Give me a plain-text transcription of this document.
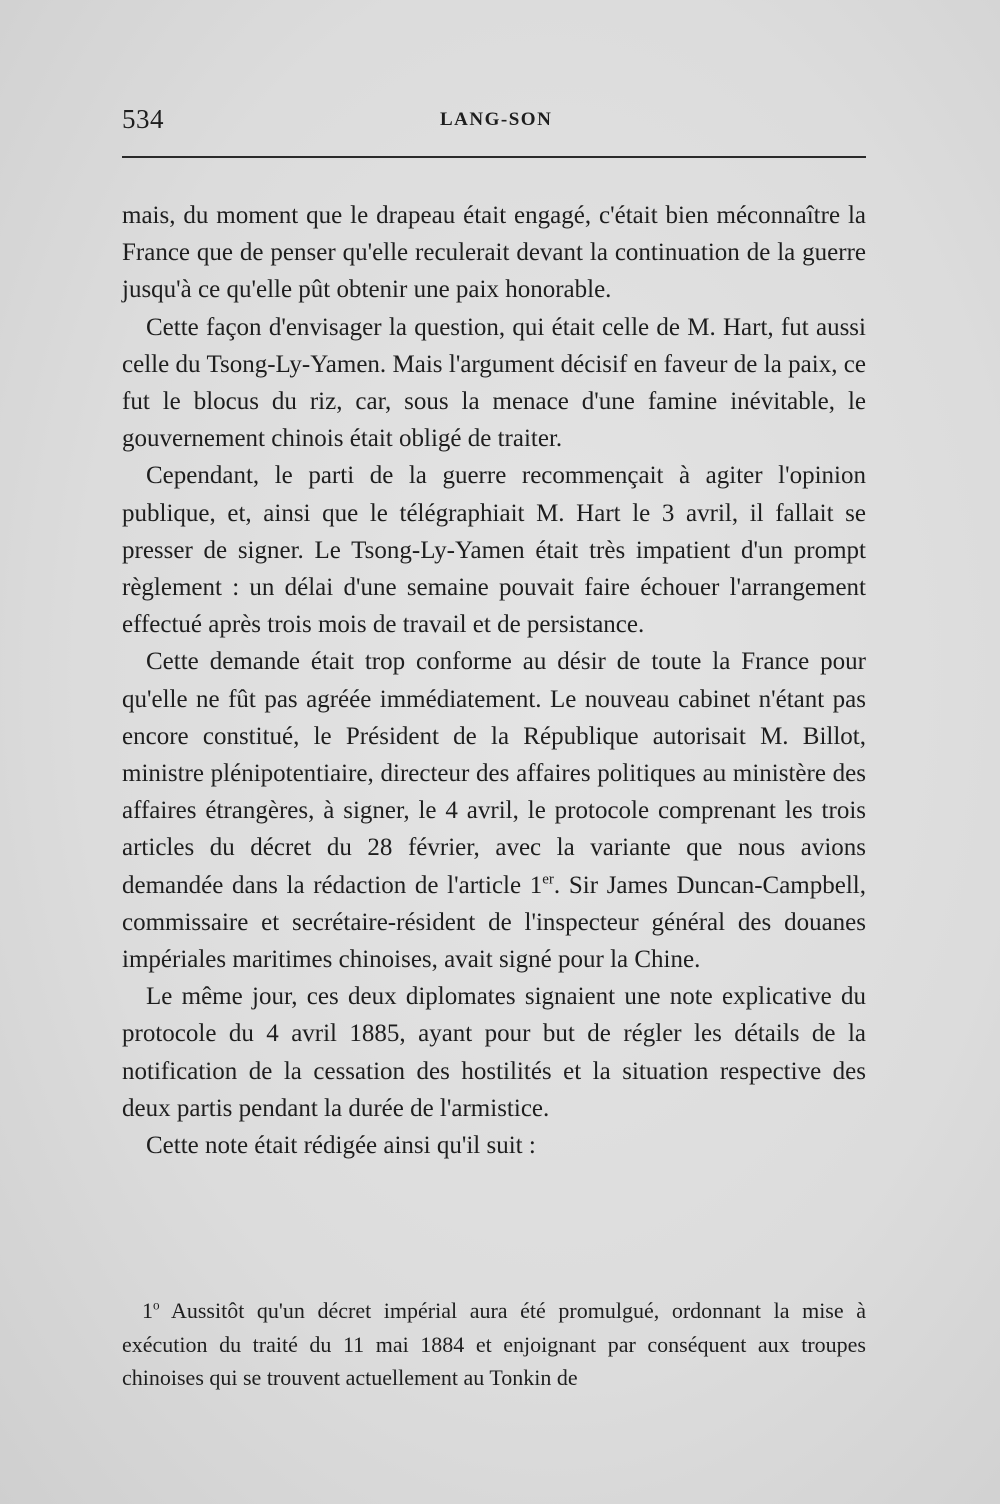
534	LANG-SON

mais, du moment que le drapeau était engagé, c'était bien méconnaître la France que de penser qu'elle reculerait devant la continuation de la guerre jusqu'à ce qu'elle pût obtenir une paix honorable.

Cette façon d'envisager la question, qui était celle de M. Hart, fut aussi celle du Tsong-Ly-Yamen. Mais l'argument décisif en faveur de la paix, ce fut le blocus du riz, car, sous la menace d'une famine inévitable, le gouvernement chinois était obligé de traiter.

Cependant, le parti de la guerre recommençait à agiter l'opinion publique, et, ainsi que le télégraphiait M. Hart le 3 avril, il fallait se presser de signer. Le Tsong-Ly-Yamen était très impatient d'un prompt règlement : un délai d'une semaine pouvait faire échouer l'arrangement effectué après trois mois de travail et de persistance.

Cette demande était trop conforme au désir de toute la France pour qu'elle ne fût pas agréée immédiatement. Le nouveau cabinet n'étant pas encore constitué, le Président de la République autorisait M. Billot, ministre plénipotentiaire, directeur des affaires politiques au ministère des affaires étrangères, à signer, le 4 avril, le protocole comprenant les trois articles du décret du 28 février, avec la variante que nous avions demandée dans la rédaction de l'article 1er. Sir James Duncan-Campbell, commissaire et secrétaire-résident de l'inspecteur général des douanes impériales maritimes chinoises, avait signé pour la Chine.

Le même jour, ces deux diplomates signaient une note explicative du protocole du 4 avril 1885, ayant pour but de régler les détails de la notification de la cessation des hostilités et la situation respective des deux partis pendant la durée de l'armistice.

Cette note était rédigée ainsi qu'il suit :

1$^o$ Aussitôt qu'un décret impérial aura été promulgué, ordonnant la mise à exécution du traité du 11 mai 1884 et enjoignant par conséquent aux troupes chinoises qui se trouvent actuellement au Tonkin de
